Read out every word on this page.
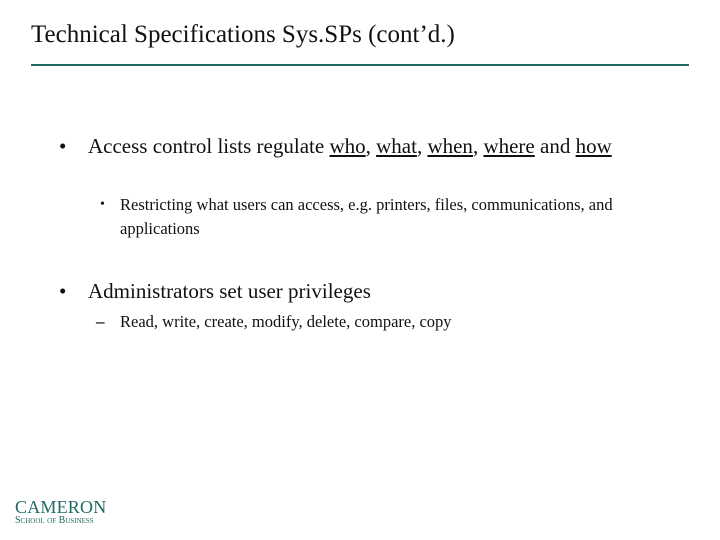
Technical Specifications Sys.SPs (cont’d.)
• Access control lists regulate who, what, when, where and how
• Restricting what users can access, e.g. printers, files, communications, and applications
• Administrators set user privileges
– Read, write, create, modify, delete, compare, copy
CAMERON
School of Business
